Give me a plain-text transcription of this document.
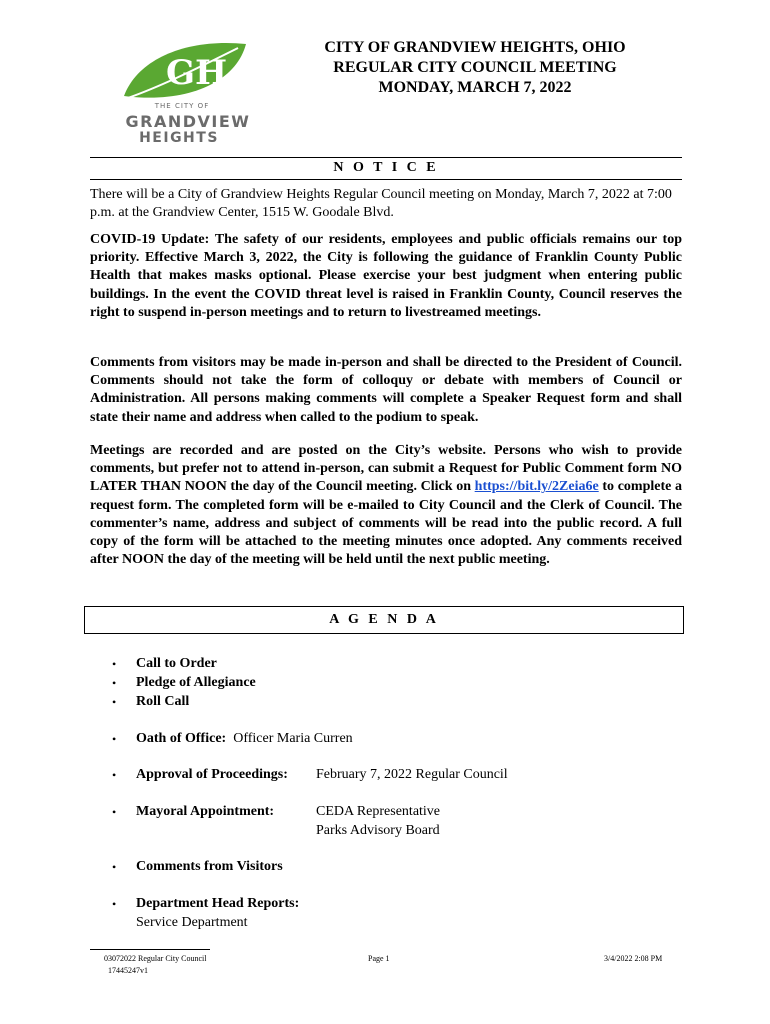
GH
THE CITY OF
GRANDVIEW
HEIGHTS
CITY OF GRANDVIEW HEIGHTS, OHIO
REGULAR CITY COUNCIL MEETING
MONDAY, MARCH 7, 2022
N O T I C E
There will be a City of Grandview Heights Regular Council meeting on Monday, March 7, 2022 at 7:00 p.m. at the Grandview Center, 1515 W. Goodale Blvd.
COVID-19 Update: The safety of our residents, employees and public officials remains our top priority. Effective March 3, 2022, the City is following the guidance of Franklin County Public Health that makes masks optional. Please exercise your best judgment when entering public buildings. In the event the COVID threat level is raised in Franklin County, Council reserves the right to suspend in-person meetings and to return to livestreamed meetings.
Comments from visitors may be made in-person and shall be directed to the President of Council. Comments should not take the form of colloquy or debate with members of Council or Administration. All persons making comments will complete a Speaker Request form and shall state their name and address when called to the podium to speak.
Meetings are recorded and are posted on the City’s website. Persons who wish to provide comments, but prefer not to attend in-person, can submit a Request for Public Comment form NO LATER THAN NOON the day of the Council meeting. Click on https://bit.ly/2Zeia6e to complete a request form. The completed form will be e-mailed to City Council and the Clerk of Council. The commenter’s name, address and subject of comments will be read into the public record. A full copy of the form will be attached to the meeting minutes once adopted. Any comments received after NOON the day of the meeting will be held until the next public meeting.
A G E N D A
• Call to Order
• Pledge of Allegiance
• Roll Call
• Oath of Office: Officer Maria Curren
• Approval of Proceedings: February 7, 2022 Regular Council
• Mayoral Appointment:	CEDA Representative
Parks Advisory Board
• Comments from Visitors
• Department Head Reports:
Service Department
03072022 Regular City Council
17445247v1
Page 1	3/4/2022 2:08 PM
